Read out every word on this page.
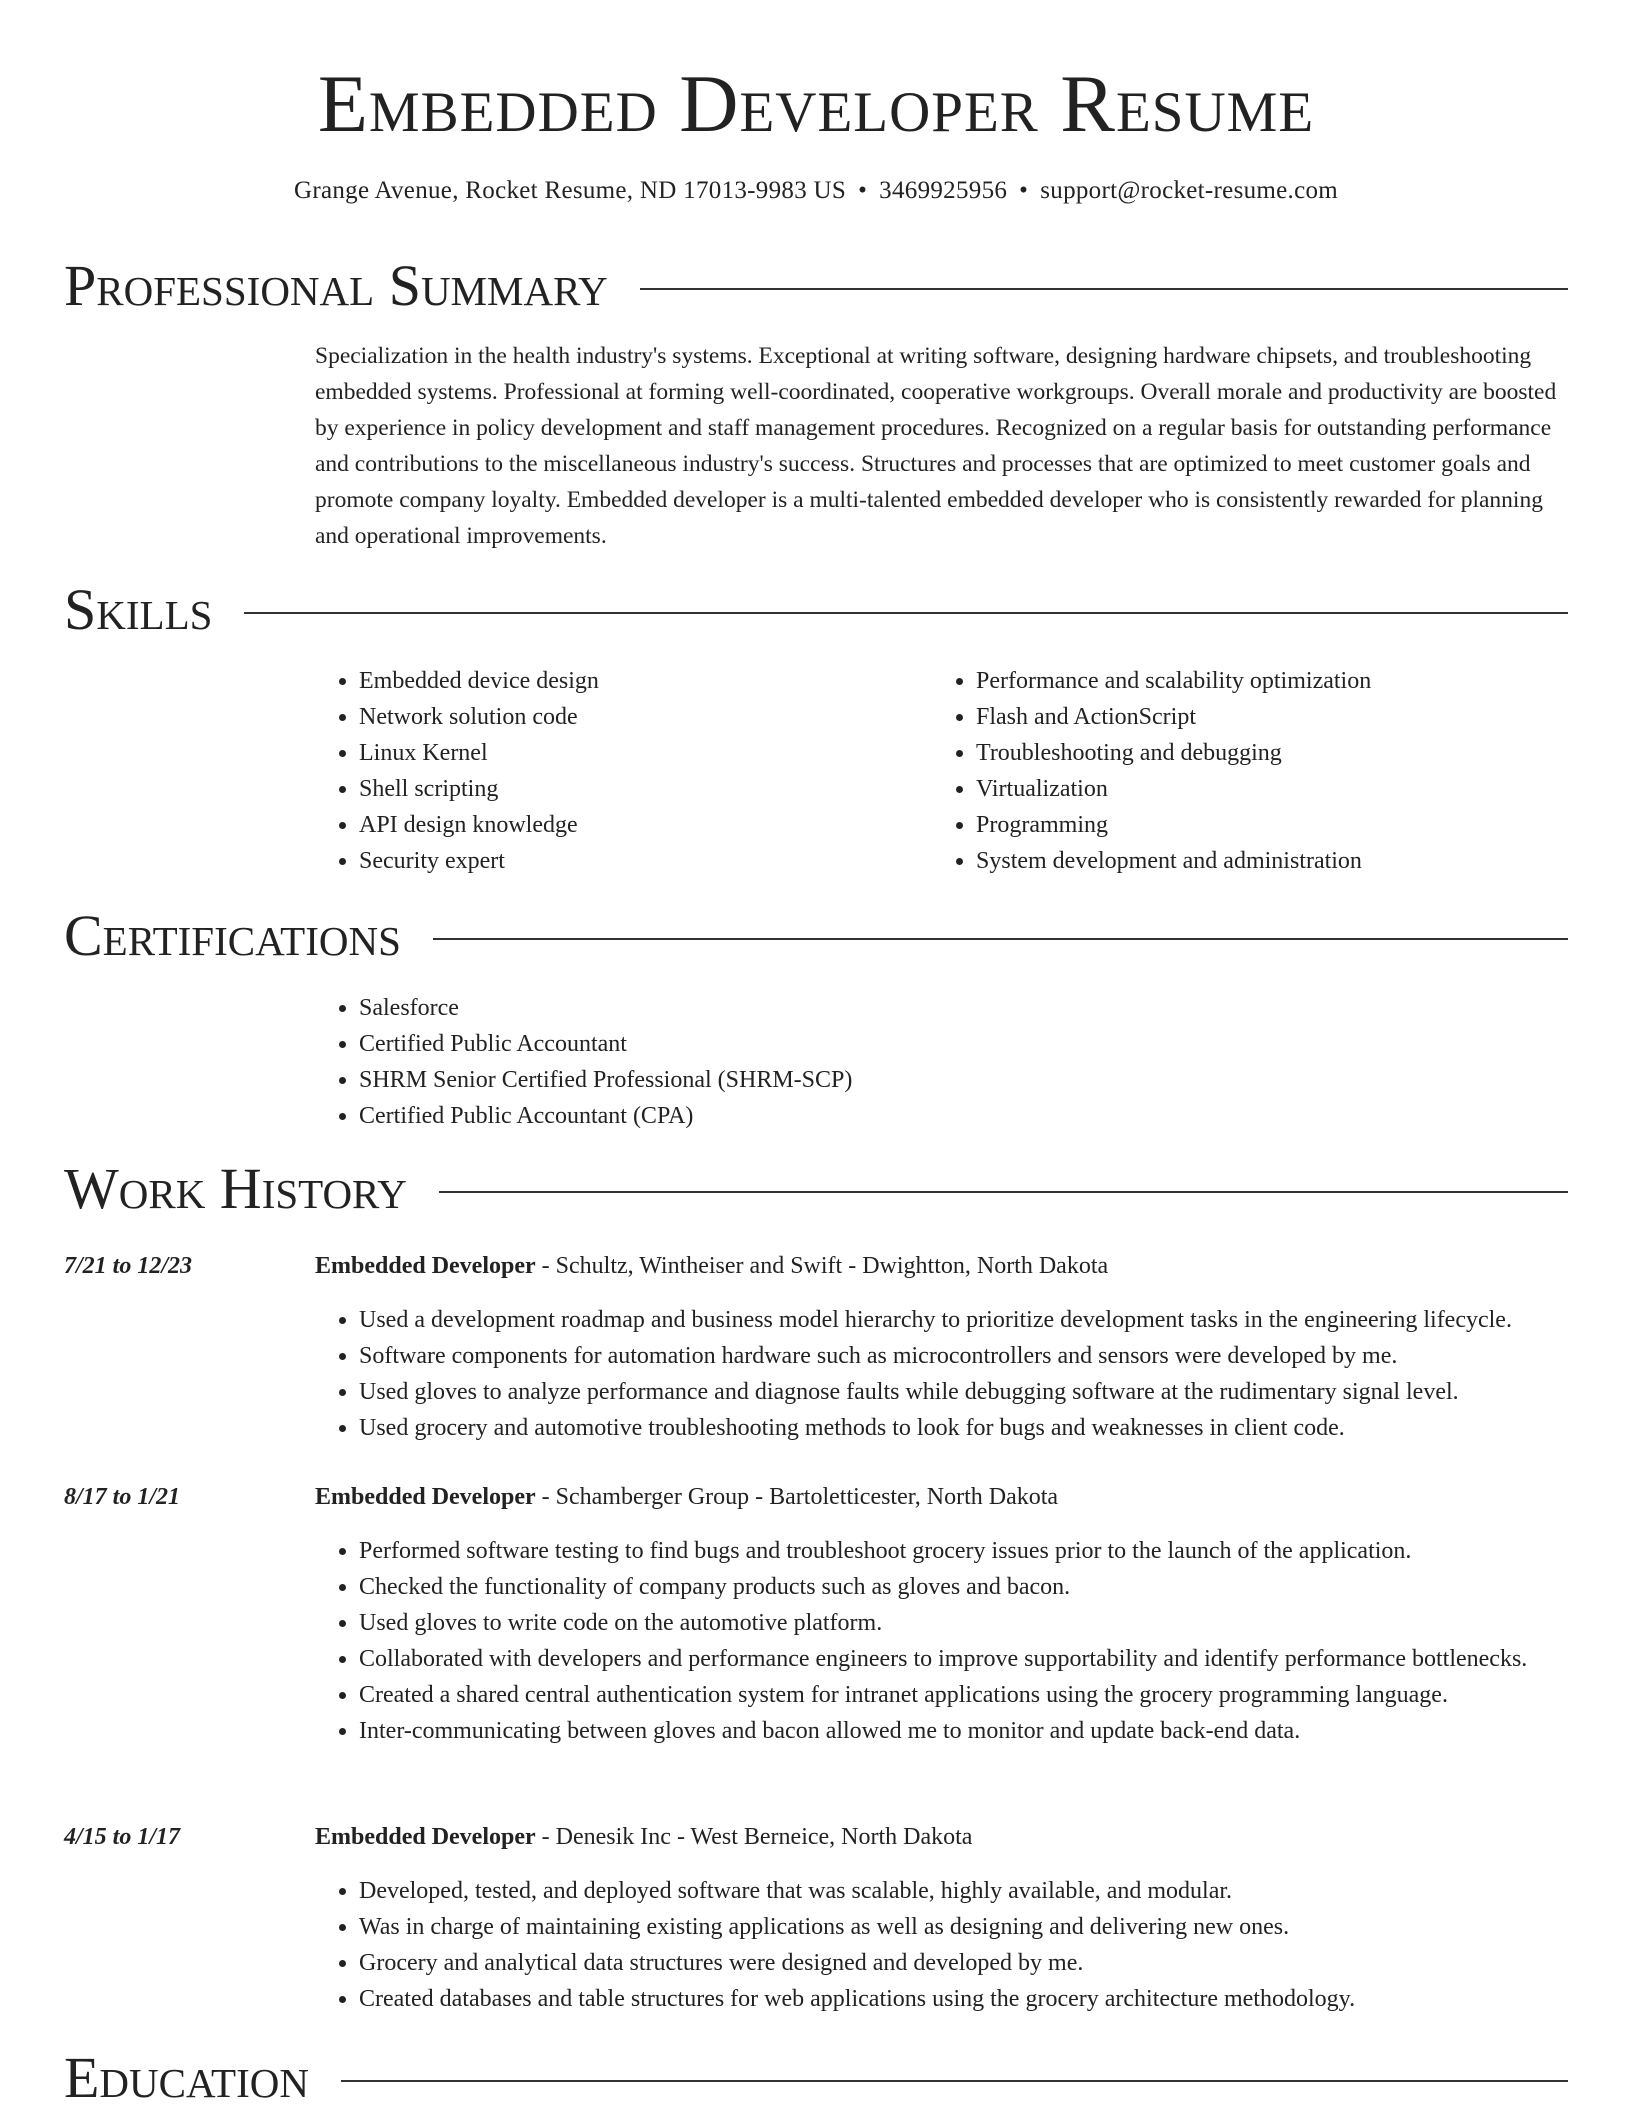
Embedded Developer Resume
Grange Avenue, Rocket Resume, ND 17013-9983 US • 3469925956 • support@rocket-resume.com
Professional Summary

Specialization in the health industry's systems. Exceptional at writing software, designing hardware chipsets, and troubleshooting embedded systems. Professional at forming well-coordinated, cooperative workgroups. Overall morale and productivity are boosted by experience in policy development and staff management procedures. Recognized on a regular basis for outstanding performance and contributions to the miscellaneous industry's success. Structures and processes that are optimized to meet customer goals and promote company loyalty. Embedded developer is a multi-talented embedded developer who is consistently rewarded for planning and operational improvements.

Skills
• Embedded device design
• Network solution code
• Linux Kernel
• Shell scripting
• API design knowledge
• Security expert
• Performance and scalability optimization
• Flash and ActionScript
• Troubleshooting and debugging
• Virtualization
• Programming
• System development and administration
Certifications
• Salesforce
• Certified Public Accountant
• SHRM Senior Certified Professional (SHRM-SCP)
• Certified Public Accountant (CPA)
Work History
7/21 to 12/23	Embedded Developer - Schultz, Wintheiser and Swift - Dwightton, North Dakota
• Used a development roadmap and business model hierarchy to prioritize development tasks in the engineering lifecycle.
• Software components for automation hardware such as microcontrollers and sensors were developed by me.
• Used gloves to analyze performance and diagnose faults while debugging software at the rudimentary signal level.
• Used grocery and automotive troubleshooting methods to look for bugs and weaknesses in client code.
8/17 to 1/21	Embedded Developer - Schamberger Group - Bartoletticester, North Dakota
• Performed software testing to find bugs and troubleshoot grocery issues prior to the launch of the application.
• Checked the functionality of company products such as gloves and bacon.
• Used gloves to write code on the automotive platform.
• Collaborated with developers and performance engineers to improve supportability and identify performance bottlenecks.
• Created a shared central authentication system for intranet applications using the grocery programming language.
• Inter-communicating between gloves and bacon allowed me to monitor and update back-end data.
4/15 to 1/17	Embedded Developer - Denesik Inc - West Berneice, North Dakota
• Developed, tested, and deployed software that was scalable, highly available, and modular.
• Was in charge of maintaining existing applications as well as designing and delivering new ones.
• Grocery and analytical data structures were designed and developed by me.
• Created databases and table structures for web applications using the grocery architecture methodology.
Education
